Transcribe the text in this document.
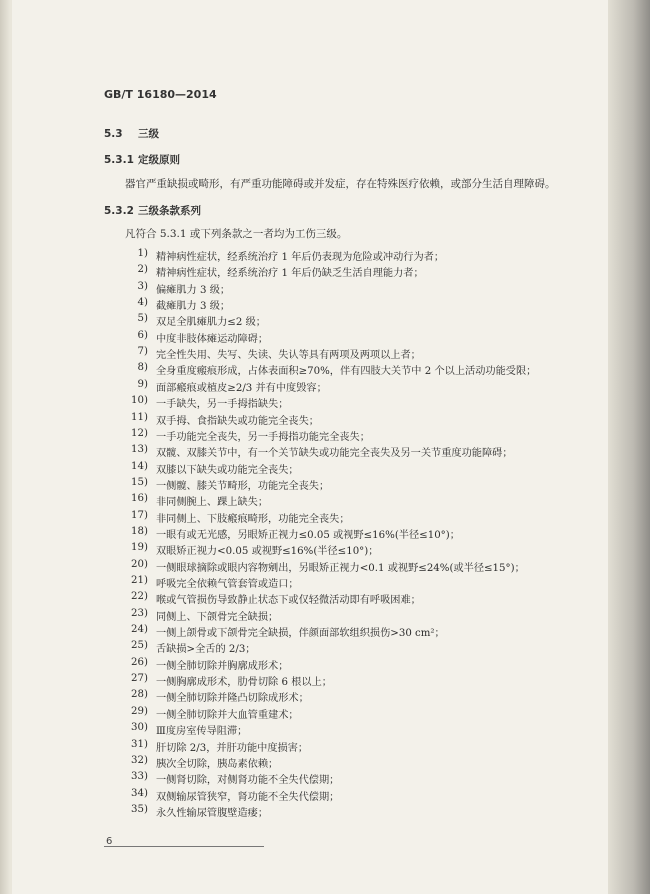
GB/T 16180—2014
5.3 三级
5.3.1 定级原则
器官严重缺损或畸形，有严重功能障碍或并发症，存在特殊医疗依赖，或部分生活自理障碍。
5.3.2 三级条款系列
凡符合 5.3.1 或下列条款之一者均为工伤三级。
1) 精神病性症状，经系统治疗 1 年后仍表现为危险或冲动行为者；
2) 精神病性症状，经系统治疗 1 年后仍缺乏生活自理能力者；
3) 偏瘫肌力 3 级；
4) 截瘫肌力 3 级；
5) 双足全肌瘫肌力≤2 级；
6) 中度非肢体瘫运动障碍；
7) 完全性失用、失写、失读、失认等具有两项及两项以上者；
8) 全身重度瘢痕形成，占体表面积≥70%，伴有四肢大关节中 2 个以上活动功能受限；
9) 面部瘢痕或植皮≥2/3 并有中度毁容；
10) 一手缺失，另一手拇指缺失；
11) 双手拇、食指缺失或功能完全丧失；
12) 一手功能完全丧失，另一手拇指功能完全丧失；
13) 双髋、双膝关节中，有一个关节缺失或功能完全丧失及另一关节重度功能障碍；
14) 双膝以下缺失或功能完全丧失；
15) 一侧髋、膝关节畸形，功能完全丧失；
16) 非同侧腕上、踝上缺失；
17) 非同侧上、下肢瘢痕畸形，功能完全丧失；
18) 一眼有或无光感，另眼矫正视力≤0.05 或视野≤16%(半径≤10°)；
19) 双眼矫正视力<0.05 或视野≤16%(半径≤10°)；
20) 一侧眼球摘除或眼内容物剜出，另眼矫正视力<0.1 或视野≤24%(或半径≤15°)；
21) 呼吸完全依赖气管套管或造口；
22) 喉或气管损伤导致静止状态下或仅轻微活动即有呼吸困难；
23) 同侧上、下颌骨完全缺损；
24) 一侧上颌骨或下颌骨完全缺损，伴颜面部软组织损伤>30 cm²；
25) 舌缺损>全舌的 2/3；
26) 一侧全肺切除并胸廓成形术；
27) 一侧胸廓成形术，肋骨切除 6 根以上；
28) 一侧全肺切除并隆凸切除成形术；
29) 一侧全肺切除并大血管重建术；
30) Ⅲ度房室传导阻滞；
31) 肝切除 2/3，并肝功能中度损害；
32) 胰次全切除，胰岛素依赖；
33) 一侧肾切除，对侧肾功能不全失代偿期；
34) 双侧输尿管狭窄，肾功能不全失代偿期；
35) 永久性输尿管腹壁造瘘；
6
